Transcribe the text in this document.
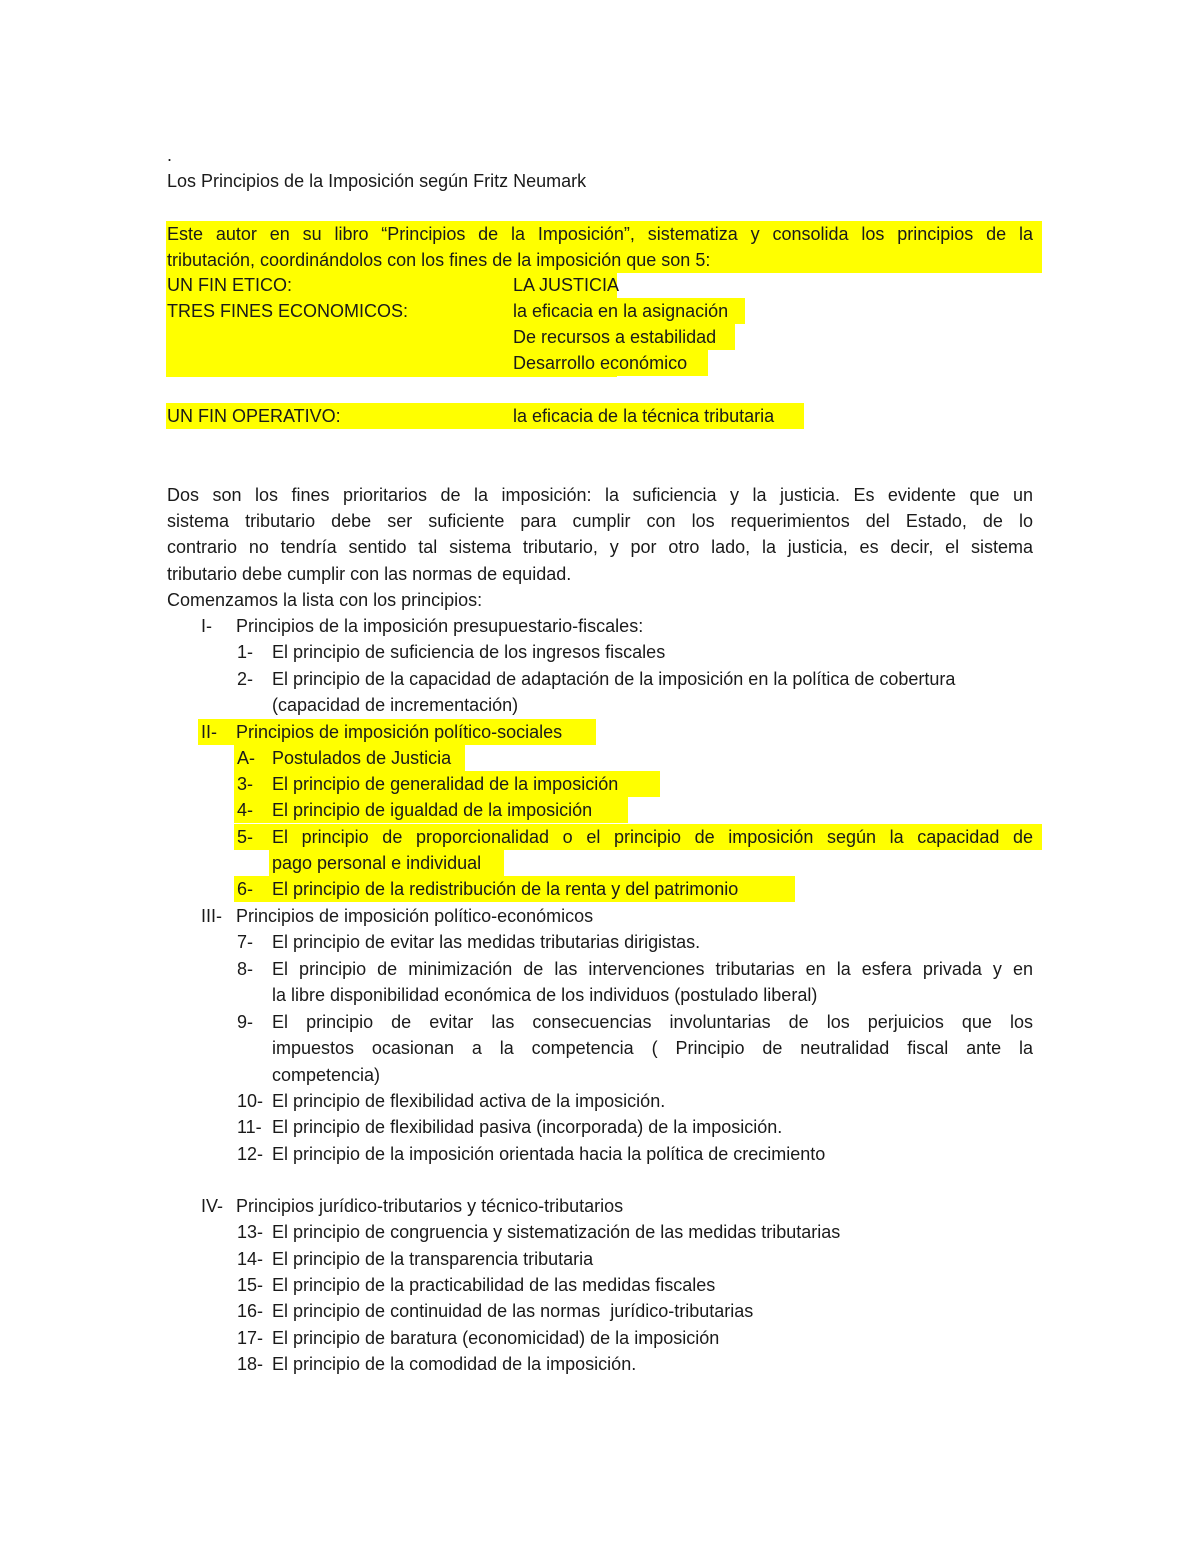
.
Los Principios de la Imposición según Fritz Neumark
Este autor en su libro “Principios de la Imposición”, sistematiza y consolida los principios de la
tributación, coordinándolos con los fines de la imposición que son 5:
UN FIN ETICO:	LA JUSTICIA
TRES FINES ECONOMICOS:	la eficacia en la asignación
De recursos a estabilidad
Desarrollo económico
UN FIN OPERATIVO:	la eficacia de la técnica tributaria
Dos son los fines prioritarios de la imposición: la suficiencia y la justicia. Es evidente que un
sistema tributario debe ser suficiente para cumplir con los requerimientos del Estado, de lo
contrario no tendría sentido tal sistema tributario, y por otro lado, la justicia, es decir, el sistema
tributario debe cumplir con las normas de equidad.
Comenzamos la lista con los principios:
I- Principios de la imposición presupuestario-fiscales:
1- El principio de suficiencia de los ingresos fiscales
2- El principio de la capacidad de adaptación de la imposición en la política de cobertura
(capacidad de incrementación)
II- Principios de imposición político-sociales
A- Postulados de Justicia
3- El principio de generalidad de la imposición
4- El principio de igualdad de la imposición
5- El principio de proporcionalidad o el principio de imposición según la capacidad de
pago personal e individual
6- El principio de la redistribución de la renta y del patrimonio
III- Principios de imposición político-económicos
7- El principio de evitar las medidas tributarias dirigistas.
8- El principio de minimización de las intervenciones tributarias en la esfera privada y en
la libre disponibilidad económica de los individuos (postulado liberal)
9- El principio de evitar las consecuencias involuntarias de los perjuicios que los
impuestos ocasionan a la competencia ( Principio de neutralidad fiscal ante la
competencia)
10- El principio de flexibilidad activa de la imposición.
11- El principio de flexibilidad pasiva (incorporada) de la imposición.
12- El principio de la imposición orientada hacia la política de crecimiento
IV- Principios jurídico-tributarios y técnico-tributarios
13- El principio de congruencia y sistematización de las medidas tributarias
14- El principio de la transparencia tributaria
15- El principio de la practicabilidad de las medidas fiscales
16- El principio de continuidad de las normas  jurídico-tributarias
17- El principio de baratura (economicidad) de la imposición
18- El principio de la comodidad de la imposición.
